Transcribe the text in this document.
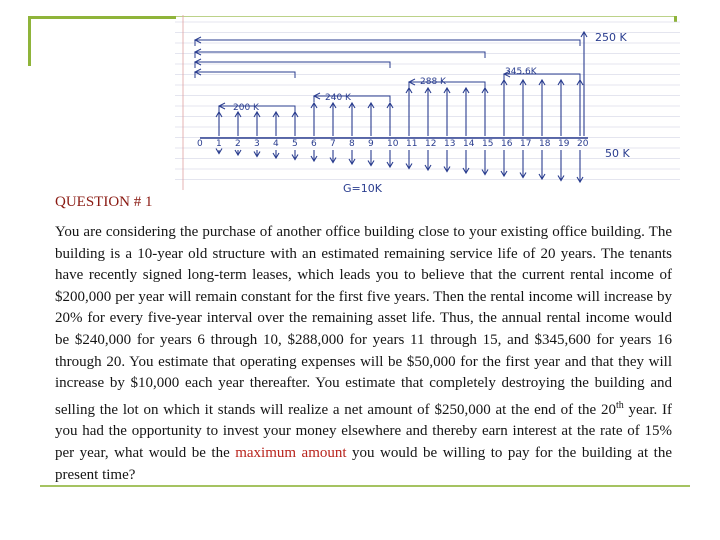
0 1 2 3 4 5 6 7 8 9 10 11 12 13 14 15 16 17 18 19 20
250 K
345.6K
288 K
240 K
200 K
50 K
G=10K
QUESTION # 1
You are considering the purchase of another office building close to your existing office building. The building is a 10-year old structure with an estimated remaining service life of 20 years. The tenants have recently signed long-term leases, which leads you to believe that the current rental income of $200,000 per year will remain constant for the first five years. Then the rental income will increase by 20% for every five-year interval over the remaining asset life. Thus, the annual rental income would be $240,000 for years 6 through 10, $288,000 for years 11 through 15, and $345,600 for years 16 through 20. You estimate that operating expenses will be $50,000 for the first year and that they will increase by $10,000 each year thereafter. You estimate that completely destroying the building and selling the lot on which it stands will realize a net amount of $250,000 at the end of the 20th year. If you had the opportunity to invest your money elsewhere and thereby earn interest at the rate of 15% per year, what would be the maximum amount you would be willing to pay for the building at the present time?
